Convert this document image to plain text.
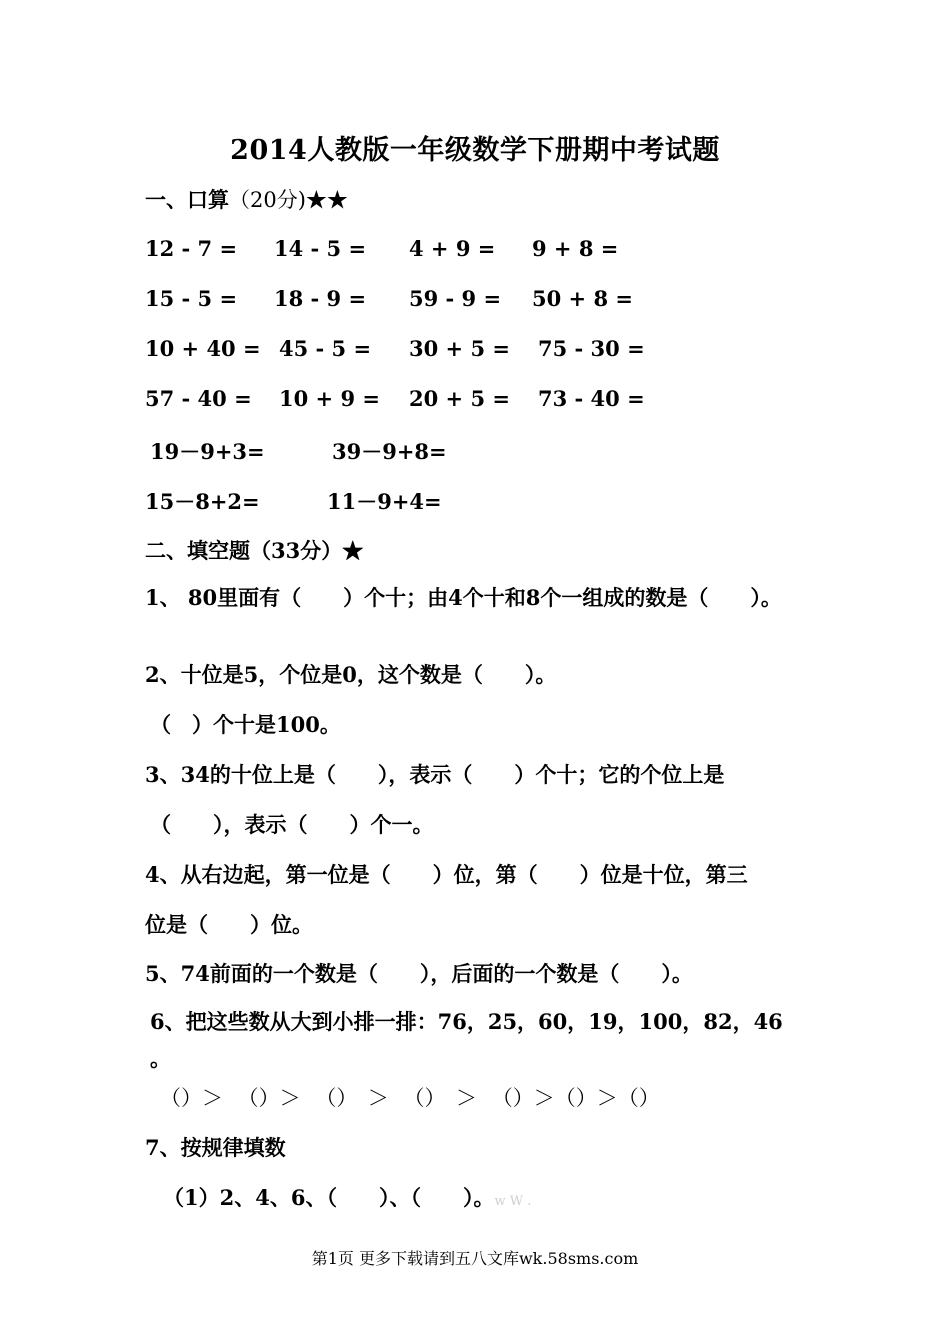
2014人教版一年级数学下册期中考试题
一、口算（20分)★★
12 - 7 = 14 - 5 = 4 + 9 = 9 + 8 =
15 - 5 = 18 - 9 = 59 - 9 = 50 + 8 =
10 + 40 = 45 - 5 = 30 + 5 = 75 - 30 =
57 - 40 = 10 + 9 = 20 + 5 = 73 - 40 =
19－9+3=	39－9+8=
15－8+2=	11－9+4=
二、填空题（33分）★
1、 80里面有（　　）个十；由4个十和8个一组成的数是（　　）。
2、十位是5，个位是0，这个数是（　　）。
（　）个十是100。
3、34的十位上是（　　），表示（　　）个十；它的个位上是
（　　），表示（　　）个一。
4、从右边起，第一位是（　　）位，第（　　）位是十位，第三
位是（　　）位。
5、74前面的一个数是（　　），后面的一个数是（　　）。
6、把这些数从大到小排一排：76，25，60，19，100，82，46 。
（）＞ （）＞ （）　＞ （）　＞ （）＞（）＞（）
7、按规律填数
（1）2、4、6、（　　）、（　　）。w W .
第1页 更多下载请到五八文库wk.58sms.com
